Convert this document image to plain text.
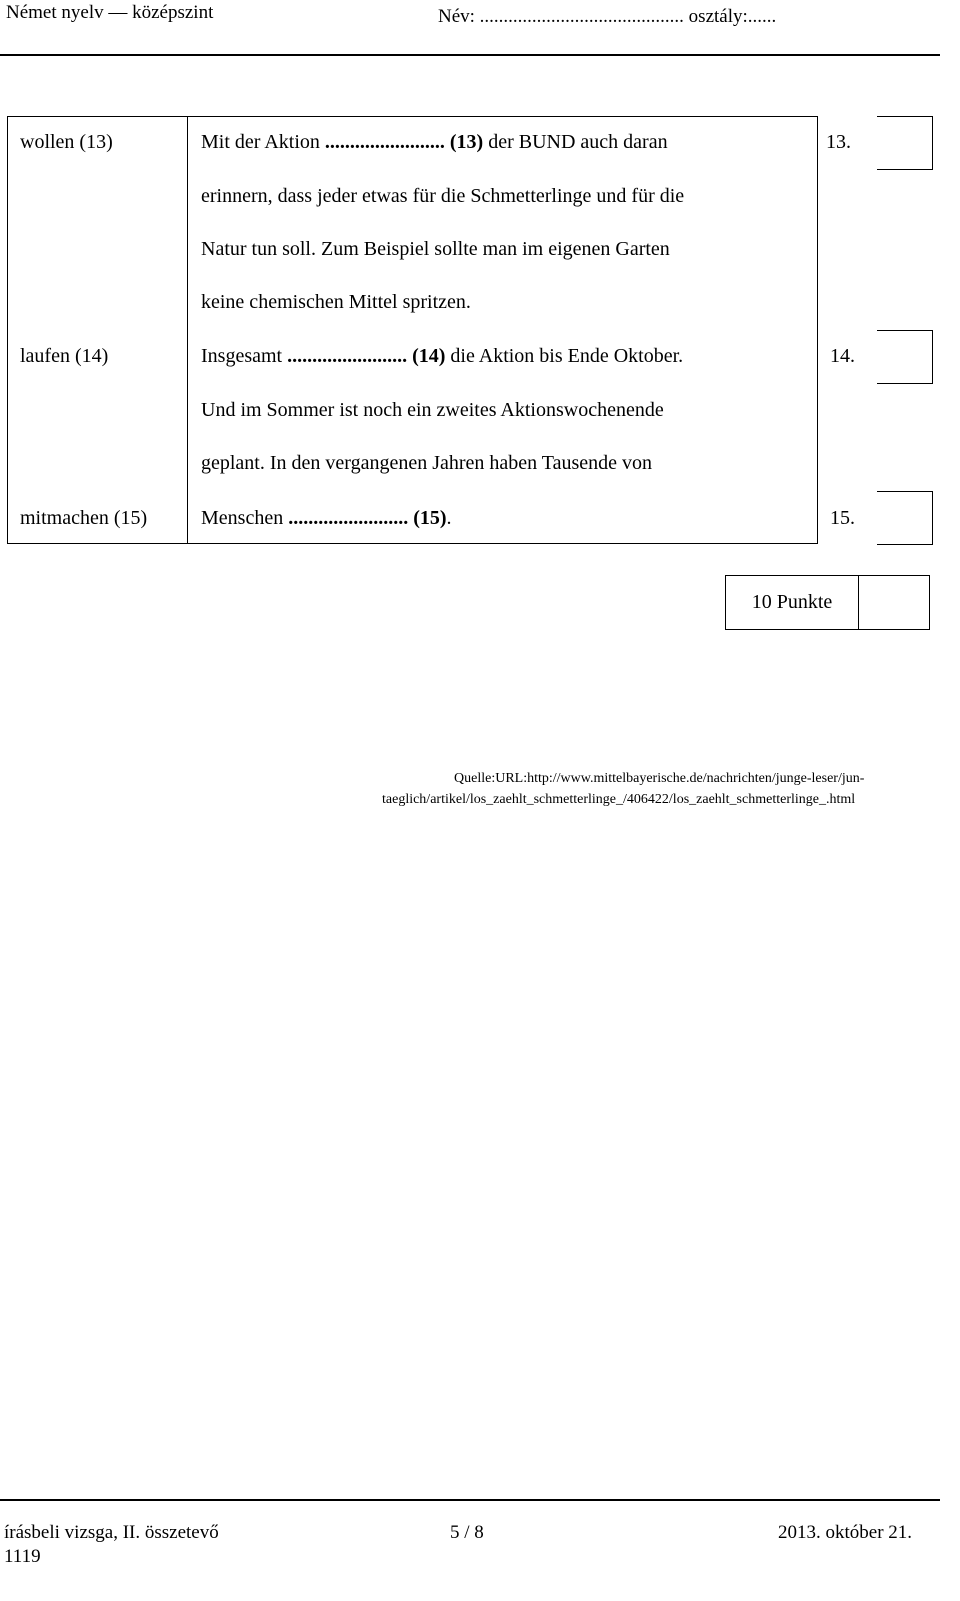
Német nyelv — középszint	Név: ........................................... osztály:......
wollen (13)	Mit der Aktion ........................ (13) der BUND auch daran	13.
erinnern, dass jeder etwas für die Schmetterlinge und für die
Natur tun soll. Zum Beispiel sollte man im eigenen Garten
keine chemischen Mittel spritzen.
laufen (14)	Insgesamt ........................ (14) die Aktion bis Ende Oktober.	14.
Und im Sommer ist noch ein zweites Aktionswochenende
geplant. In den vergangenen Jahren haben Tausende von
mitmachen (15)	Menschen ........................ (15).	15.
10 Punkte
Quelle:URL:http://www.mittelbayerische.de/nachrichten/junge-leser/jun-
taeglich/artikel/los_zaehlt_schmetterlinge_/406422/los_zaehlt_schmetterlinge_.html
írásbeli vizsga, II. összetevő	5 / 8	2013. október 21.
1119
